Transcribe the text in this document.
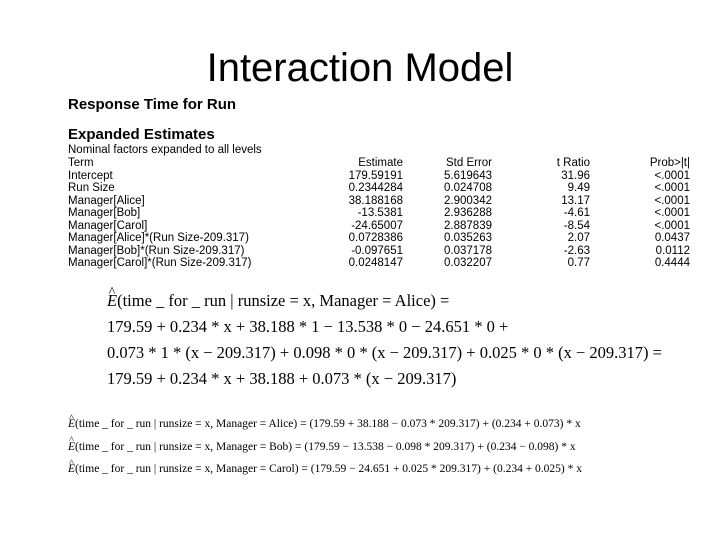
Interaction Model
Response Time for Run
Expanded Estimates
Nominal factors expanded to all levels
Term	Estimate	Std Error	t Ratio	Prob>|t|
Intercept	179.59191	5.619643	31.96	<.0001
Run Size	0.2344284	0.024708	9.49	<.0001
Manager[Alice]	38.188168	2.900342	13.17	<.0001
Manager[Bob]	-13.5381	2.936288	-4.61	<.0001
Manager[Carol]	-24.65007	2.887839	-8.54	<.0001
Manager[Alice]*(Run Size-209.317)	0.0728386	0.035263	2.07	0.0437
Manager[Bob]*(Run Size-209.317)	-0.097651	0.037178	-2.63	0.0112
Manager[Carol]*(Run Size-209.317)	0.0248147	0.032207	0.77	0.4444
^ E(time _ for _ run | runsize = x, Manager = Alice) =
179.59 + 0.234 * x + 38.188 * 1 − 13.538 * 0 − 24.651 * 0 +
0.073 * 1 * (x − 209.317) + 0.098 * 0 * (x − 209.317) + 0.025 * 0 * (x − 209.317) =
179.59 + 0.234 * x + 38.188 + 0.073 * (x − 209.317)
^ E(time _ for _ run | runsize = x, Manager = Alice) = (179.59 + 38.188 − 0.073 * 209.317) + (0.234 + 0.073) * x
^ E(time _ for _ run | runsize = x, Manager = Bob) = (179.59 − 13.538 − 0.098 * 209.317) + (0.234 − 0.098) * x
^ E(time _ for _ run | runsize = x, Manager = Carol) = (179.59 − 24.651 + 0.025 * 209.317) + (0.234 + 0.025) * x
